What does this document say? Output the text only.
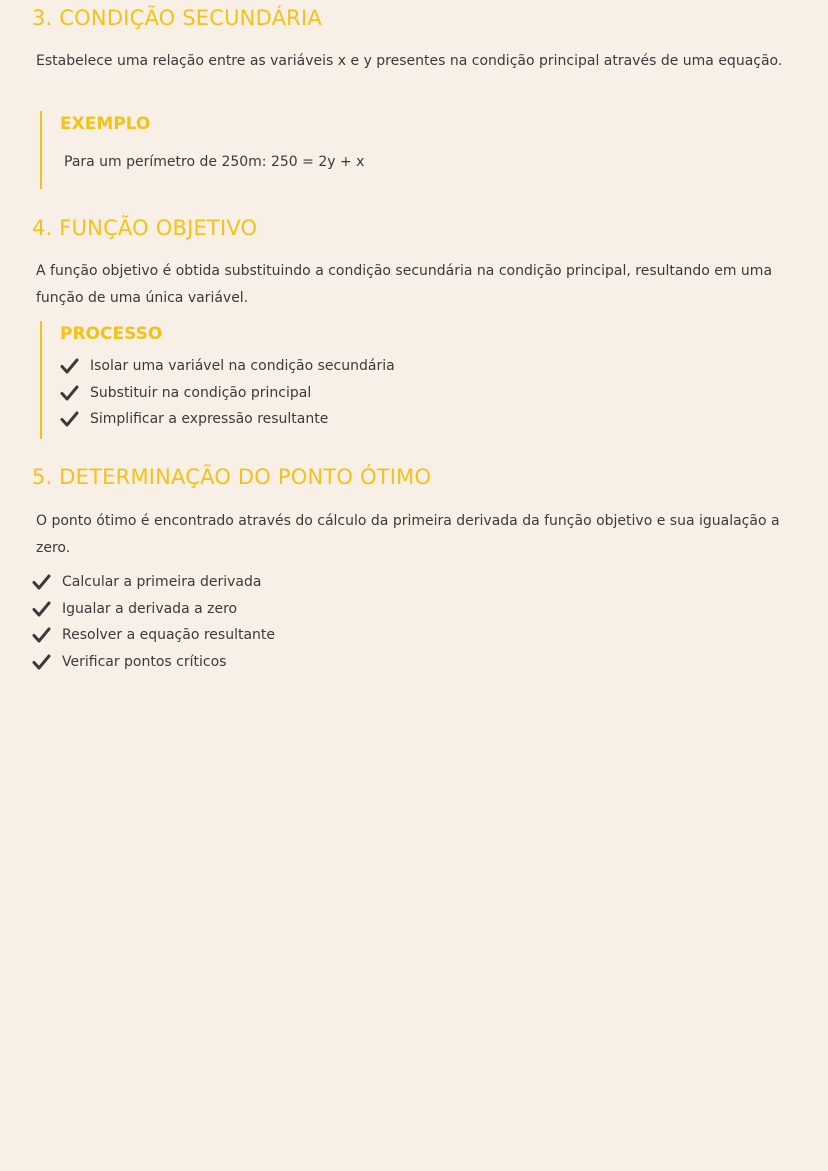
3. CONDIÇÃO SECUNDÁRIA

Estabelece uma relação entre as variáveis x e y presentes na condição principal através de uma equação.

EXEMPLO

Para um perímetro de 250m: 250 = 2y + x

4. FUNÇÃO OBJETIVO

A função objetivo é obtida substituindo a condição secundária na condição principal, resultando em uma função de uma única variável.

PROCESSO
Isolar uma variável na condição secundária
Substituir na condição principal
Simplificar a expressão resultante
5. DETERMINAÇÃO DO PONTO ÓTIMO

O ponto ótimo é encontrado através do cálculo da primeira derivada da função objetivo e sua igualação a zero.

Calcular a primeira derivada
Igualar a derivada a zero
Resolver a equação resultante
Verificar pontos críticos
